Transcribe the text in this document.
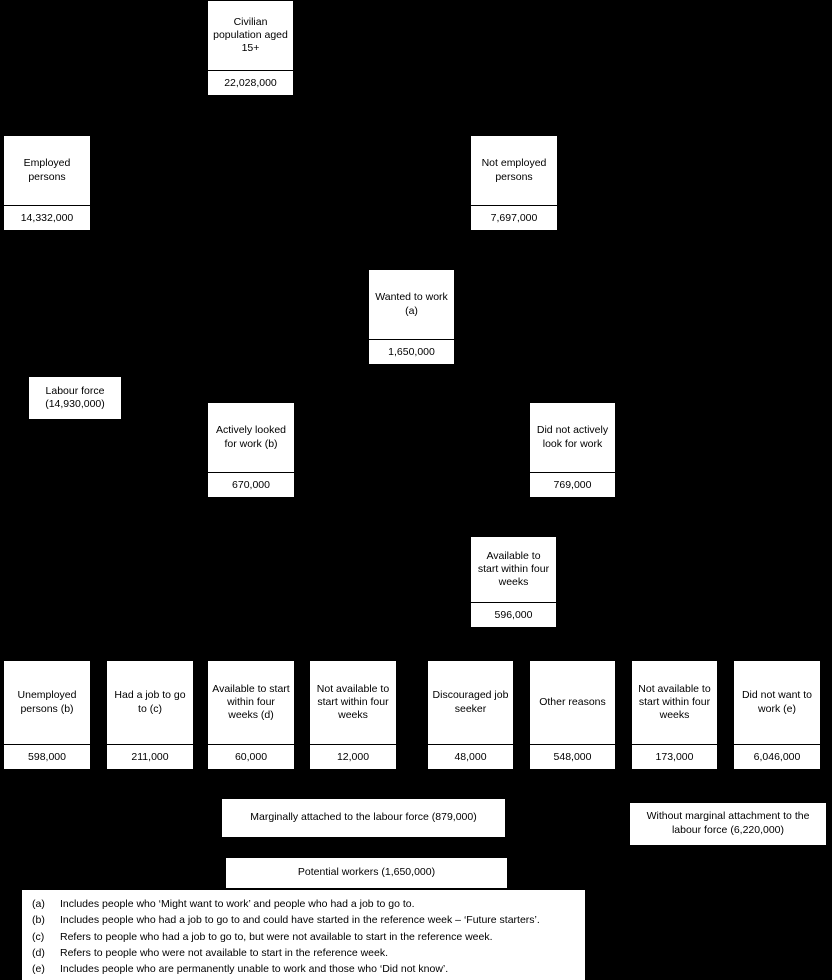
Civilian population aged 15+
22,028,000
Employed persons
14,332,000
Not employed persons
7,697,000
Wanted to work (a)
1,650,000
Labour force (14,930,000)
Actively looked for work (b)
670,000
Did not actively look for work
769,000
Available to start within four weeks
596,000
Unemployed persons (b)
598,000
Had a job to go to (c)
211,000
Available to start within four weeks (d)
60,000
Not available to start within four weeks
12,000
Discouraged job seeker
48,000
Other reasons
548,000
Not available to start within four weeks
173,000
Did not want to work (e)
6,046,000
Marginally attached to the labour force (879,000)	Without marginal attachment to the labour force (6,220,000)
Potential workers (1,650,000)
(a)	Includes people who ‘Might want to work’ and people who had a job to go to.
(b)	Includes people who had a job to go to and could have started in the reference week – ‘Future starters’.
(c)	Refers to people who had a job to go to, but were not available to start in the reference week.
(d)	Refers to people who were not available to start in the reference week.
(e)	Includes people who are permanently unable to work and those who ‘Did not know’.
